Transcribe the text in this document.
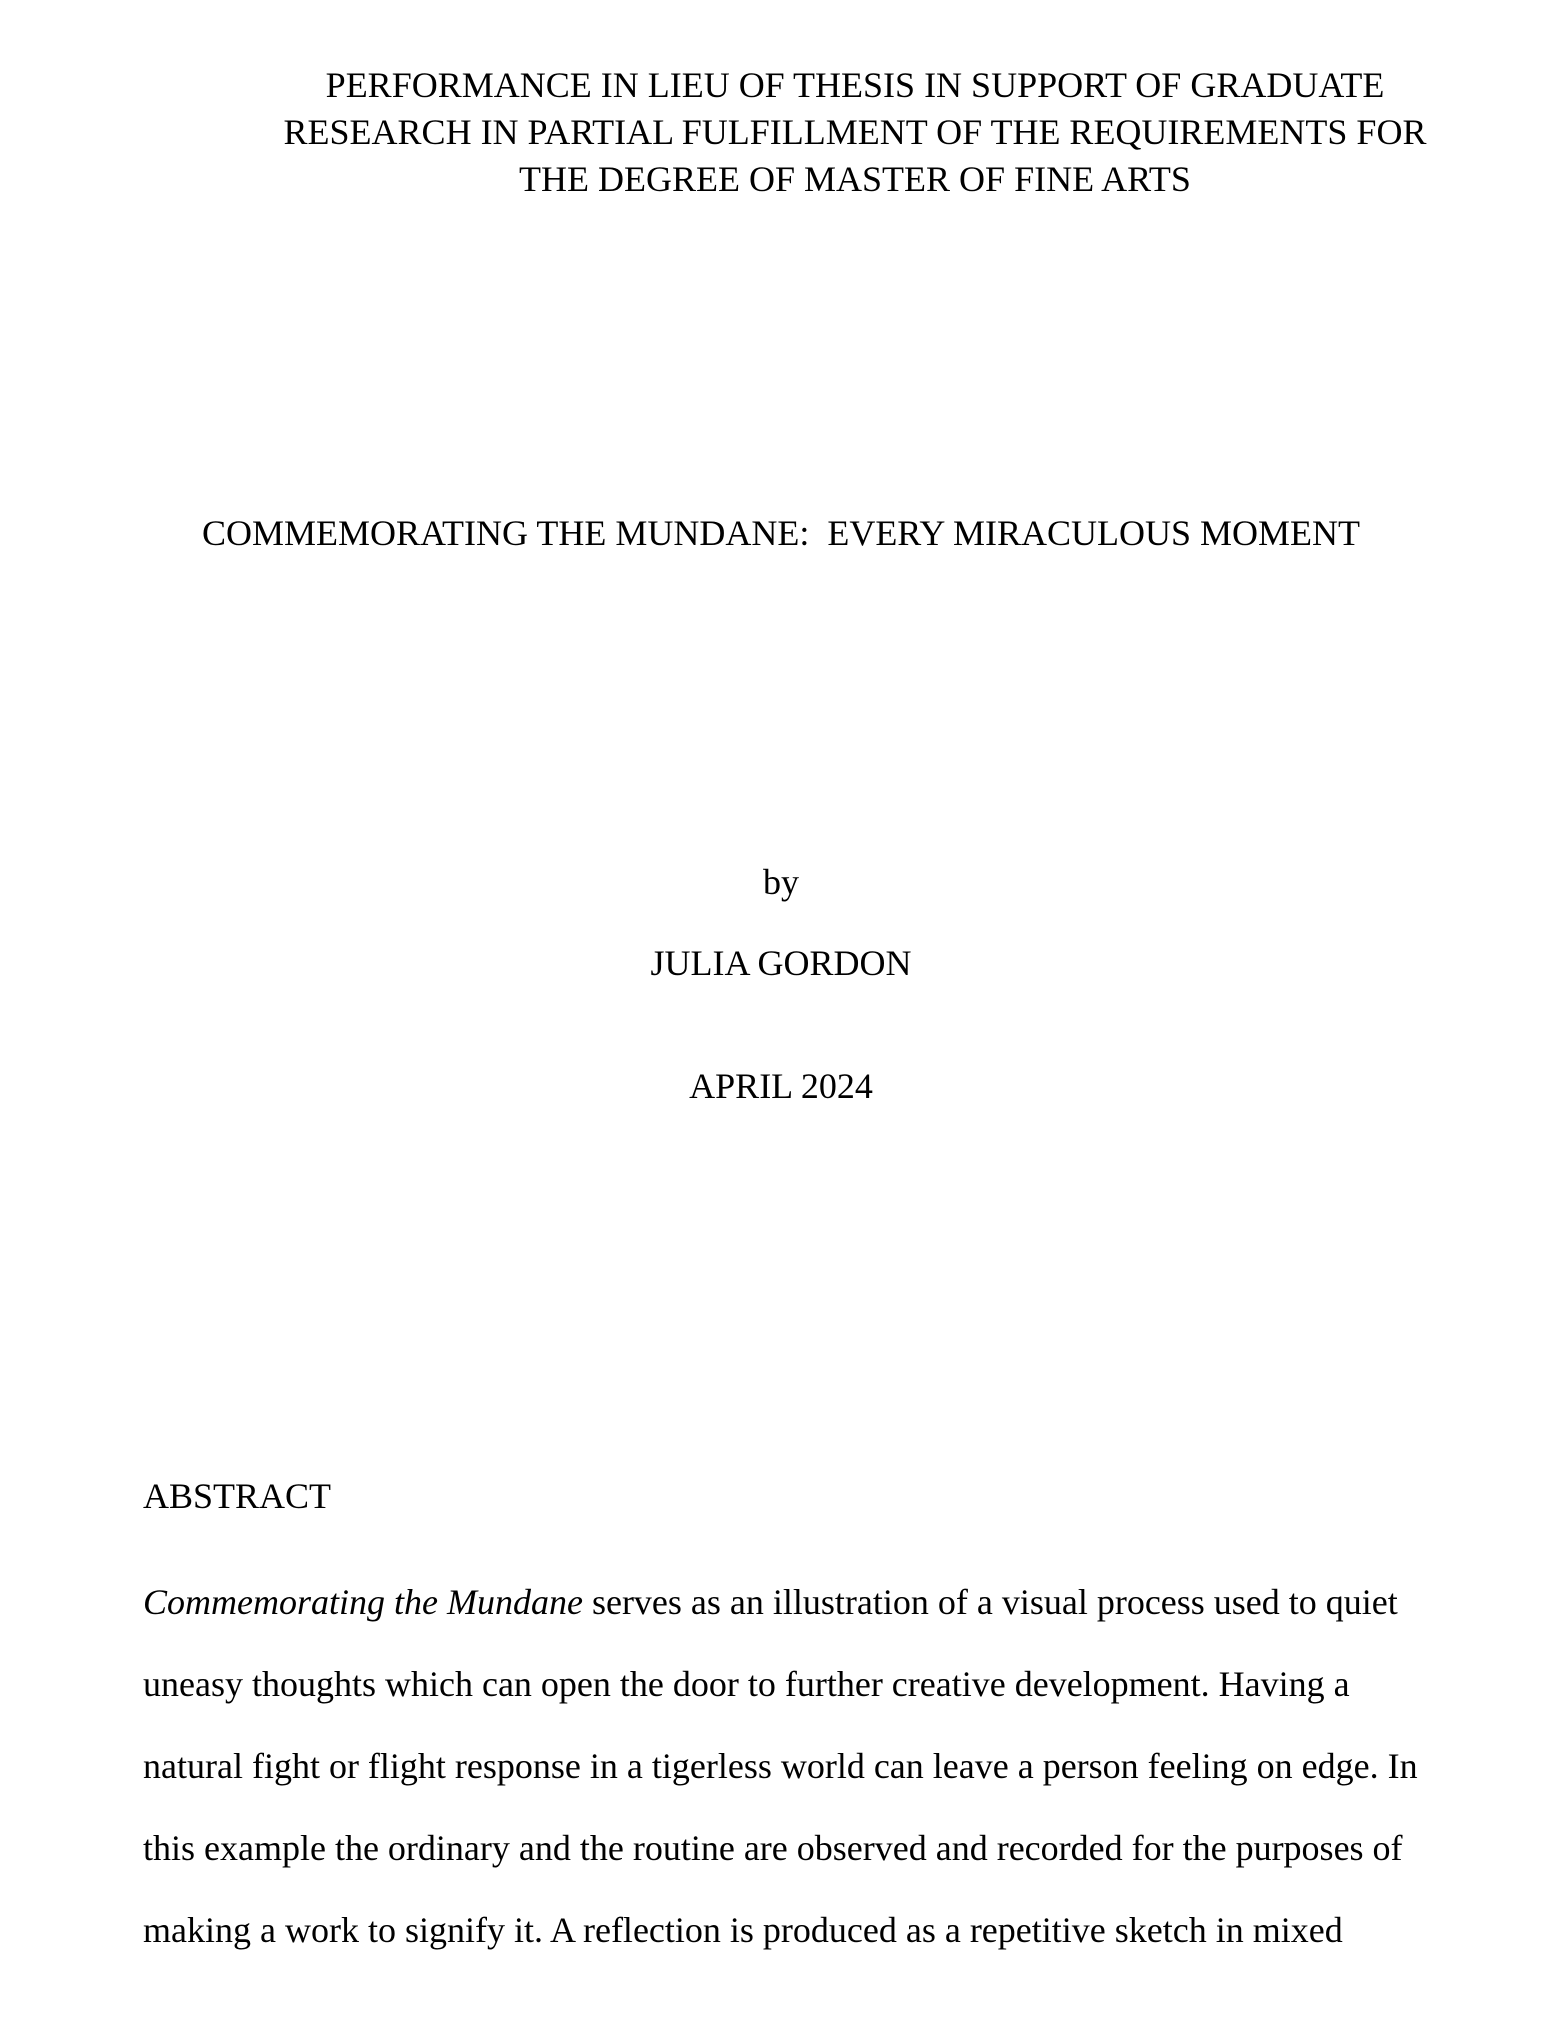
PERFORMANCE IN LIEU OF THESIS IN SUPPORT OF GRADUATE
RESEARCH IN PARTIAL FULFILLMENT OF THE REQUIREMENTS FOR
THE DEGREE OF MASTER OF FINE ARTS
COMMEMORATING THE MUNDANE:  EVERY MIRACULOUS MOMENT
by
JULIA GORDON
APRIL 2024
ABSTRACT
Commemorating the Mundane serves as an illustration of a visual process used to quiet
uneasy thoughts which can open the door to further creative development. Having a
natural fight or flight response in a tigerless world can leave a person feeling on edge. In
this example the ordinary and the routine are observed and recorded for the purposes of
making a work to signify it. A reflection is produced as a repetitive sketch in mixed
